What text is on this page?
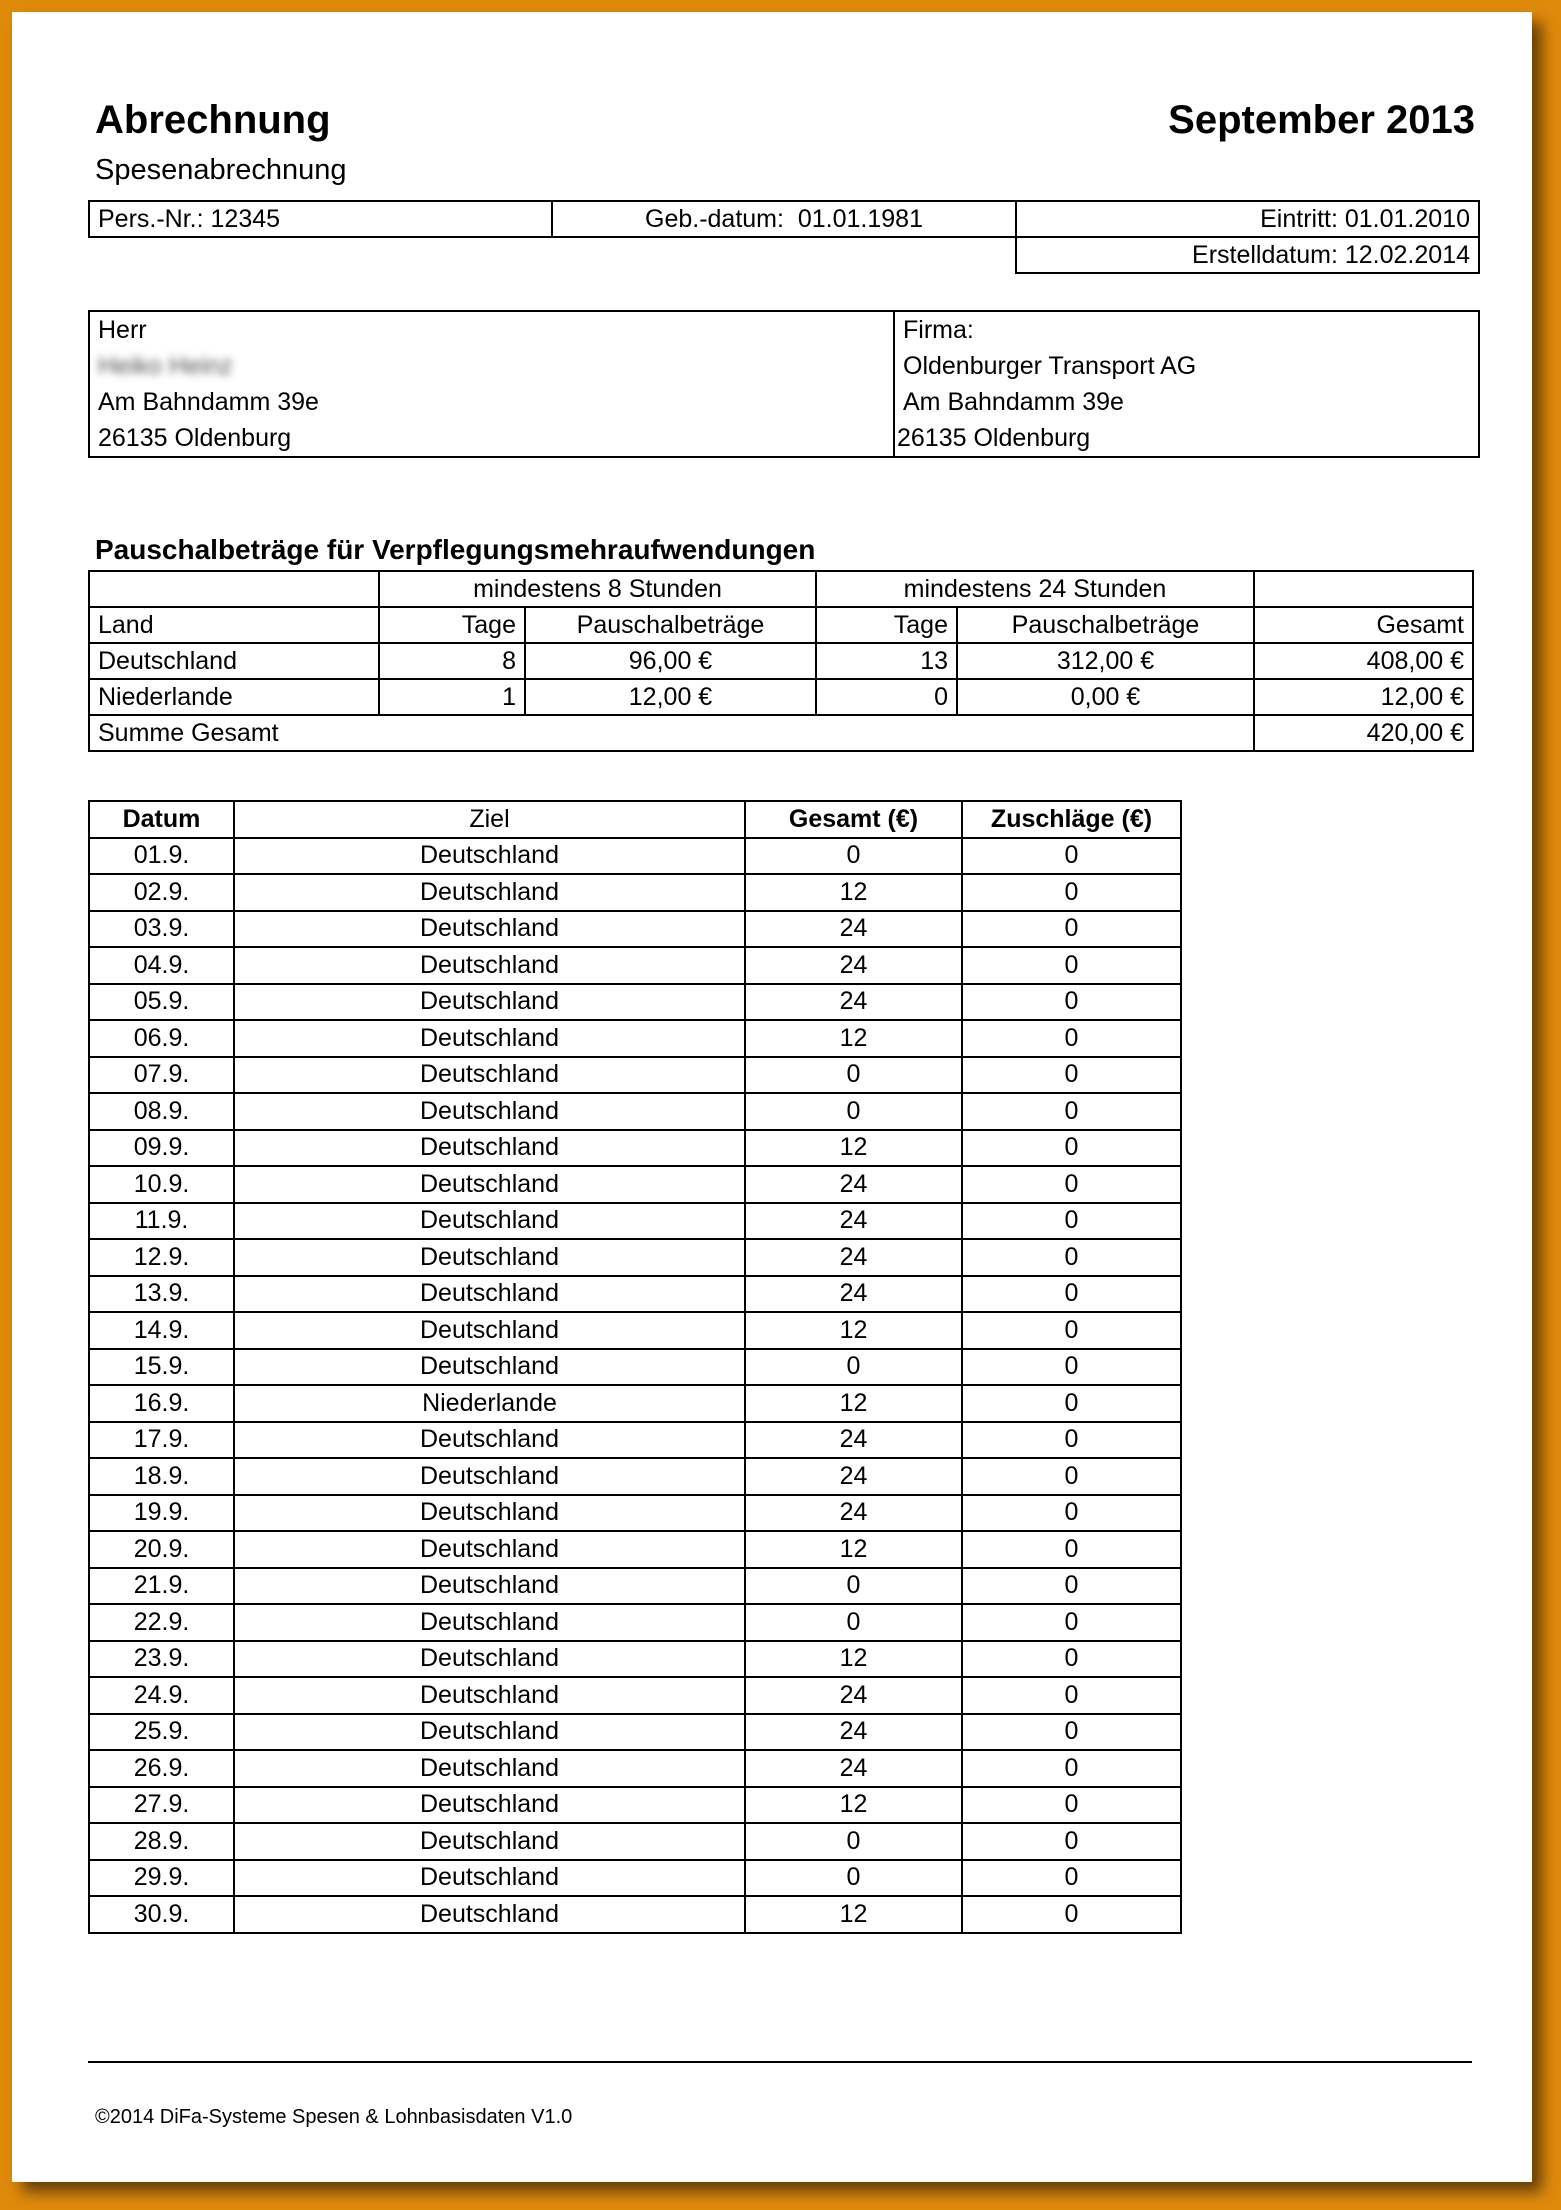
Abrechnung	September 2013
Spesenabrechnung
Pers.-Nr.: 12345	Geb.-datum: 01.01.1981	Eintritt: 01.01.2010
		Erstelldatum: 12.02.2014
Herr
Heiko Heinz
Am Bahndamm 39e
26135 Oldenburg
Firma:
Oldenburger Transport AG
Am Bahndamm 39e
26135 Oldenburg
Pauschalbeträge für Verpflegungsmehraufwendungen
	mindestens 8 Stunden		mindestens 24 Stunden		
Land	Tage	Pauschalbeträge	Tage	Pauschalbeträge	Gesamt
Deutschland	8	96,00 €	13	312,00 €	408,00 €
Niederlande	1	12,00 €	0	0,00 €	12,00 €
Summe Gesamt					420,00 €
Datum	Ziel	Gesamt (€)	Zuschläge (€)
01.9.	Deutschland	0	0
02.9.	Deutschland	12	0
03.9.	Deutschland	24	0
04.9.	Deutschland	24	0
05.9.	Deutschland	24	0
06.9.	Deutschland	12	0
07.9.	Deutschland	0	0
08.9.	Deutschland	0	0
09.9.	Deutschland	12	0
10.9.	Deutschland	24	0
11.9.	Deutschland	24	0
12.9.	Deutschland	24	0
13.9.	Deutschland	24	0
14.9.	Deutschland	12	0
15.9.	Deutschland	0	0
16.9.	Niederlande	12	0
17.9.	Deutschland	24	0
18.9.	Deutschland	24	0
19.9.	Deutschland	24	0
20.9.	Deutschland	12	0
21.9.	Deutschland	0	0
22.9.	Deutschland	0	0
23.9.	Deutschland	12	0
24.9.	Deutschland	24	0
25.9.	Deutschland	24	0
26.9.	Deutschland	24	0
27.9.	Deutschland	12	0
28.9.	Deutschland	0	0
29.9.	Deutschland	0	0
30.9.	Deutschland	12	0
©2014 DiFa-Systeme Spesen & Lohnbasisdaten V1.0
